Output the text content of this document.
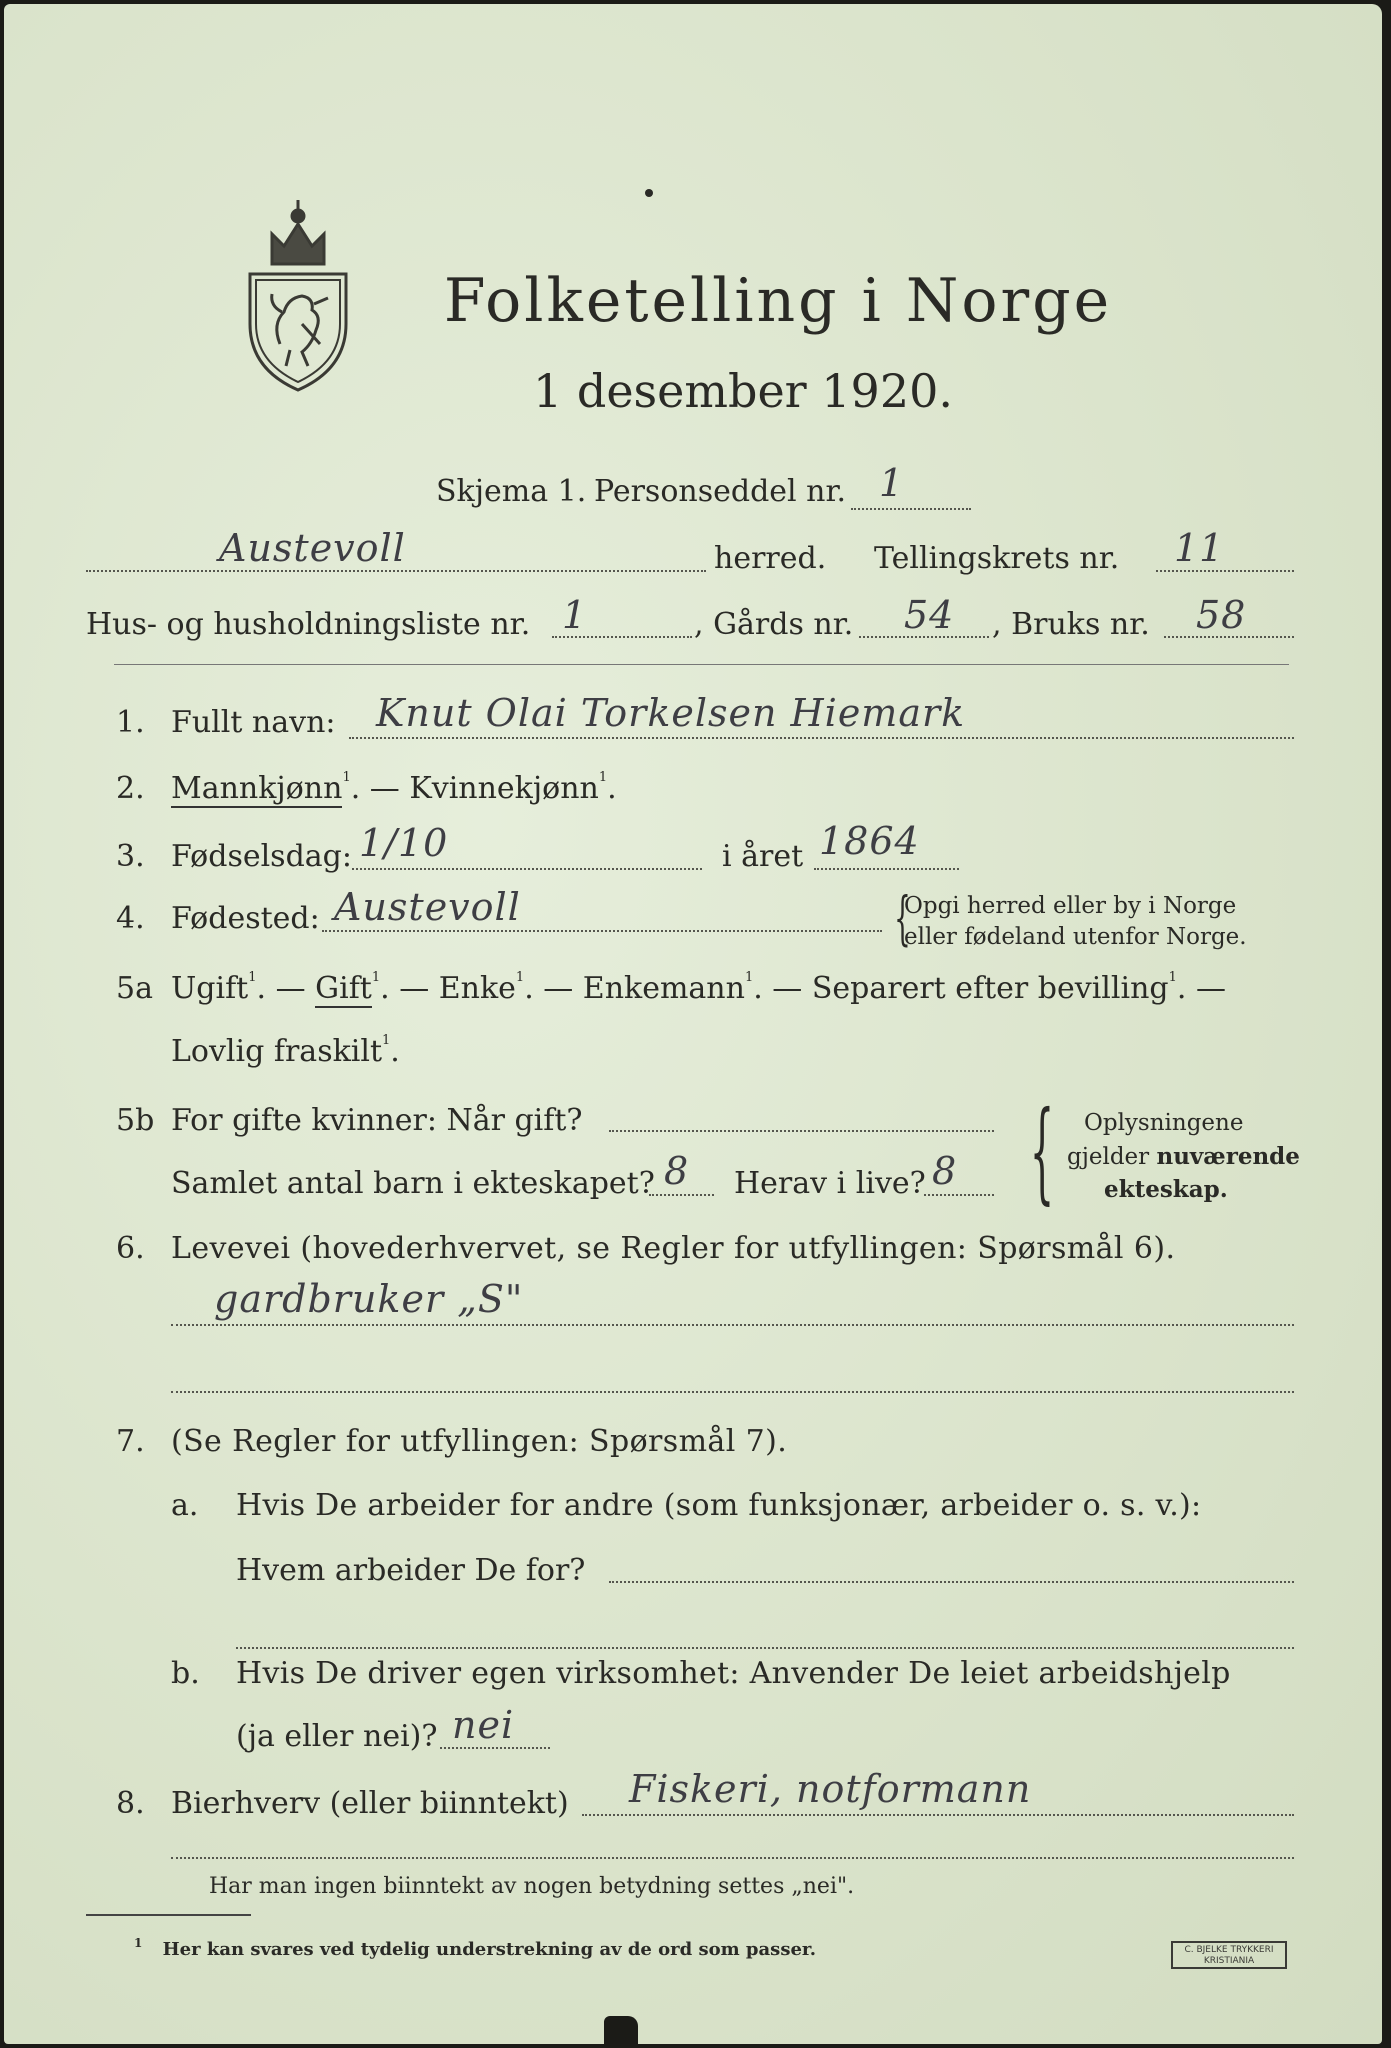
Folketelling i Norge
1 desember 1920.
Skjema 1. Personseddel nr. 1
Austevoll	herred. Tellingskrets nr. 11
Hus- og husholdningsliste nr. 1	, Gårds nr. 54 , Bruks nr. 58
1. Fullt navn: Knut Olai Torkelsen Hiemark
2. Mannkjønn$^1$. — Kvinnekjønn$^1$.
3. Fødselsdag: 1/10	i året 1864
4. Fødested: Austevoll	{
Opgi herred eller by i Norge
eller fødeland utenfor Norge.
5a Ugift$^1$. — Gift$^1$. — Enke$^1$. — Enkemann$^1$. — Separert efter bevilling$^1$. —
Lovlig fraskilt$^1$.
5b For gifte kvinner: Når gift?
Samlet antal barn i ekteskapet? 8 Herav i live? 8 { Oplysningene
gjelder nuværende
ekteskap.
6. Levevei (hovederhvervet, se Regler for utfyllingen: Spørsmål 6).
gardbruker „S"
7. (Se Regler for utfyllingen: Spørsmål 7).
a. Hvis De arbeider for andre (som funksjonær, arbeider o. s. v.):
Hvem arbeider De for?
b. Hvis De driver egen virksomhet: Anvender De leiet arbeidshjelp
(ja eller nei)? nei
8. Bierhverv (eller biinntekt) Fiskeri, notformann
Har man ingen biinntekt av nogen betydning settes „nei".
$^1$ Her kan svares ved tydelig understrekning av de ord som passer.	C. BJELKE TRYKKERI
KRISTIANIA
